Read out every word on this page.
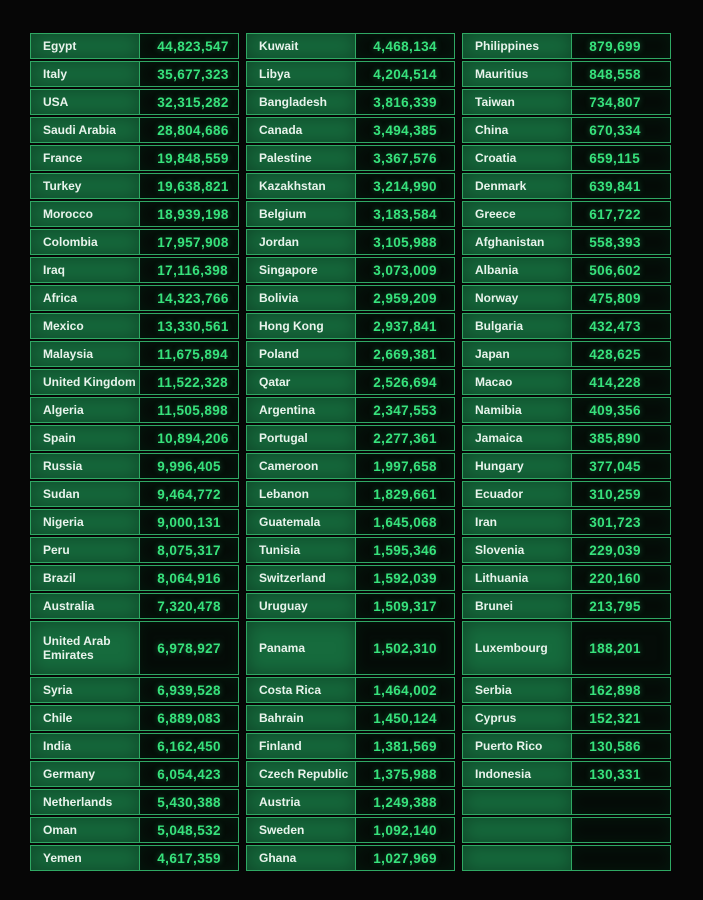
Egypt	44,823,547
Italy	35,677,323
USA	32,315,282
Saudi Arabia	28,804,686
France	19,848,559
Turkey	19,638,821
Morocco	18,939,198
Colombia	17,957,908
Iraq	17,116,398
Africa	14,323,766
Mexico	13,330,561
Malaysia	11,675,894
United Kingdom	11,522,328
Algeria	11,505,898
Spain	10,894,206
Russia	9,996,405
Sudan	9,464,772
Nigeria	9,000,131
Peru	8,075,317
Brazil	8,064,916
Australia	7,320,478
United Arab Emirates	6,978,927
Syria	6,939,528
Chile	6,889,083
India	6,162,450
Germany	6,054,423
Netherlands	5,430,388
Oman	5,048,532
Yemen	4,617,359
Kuwait	4,468,134
Libya	4,204,514
Bangladesh	3,816,339
Canada	3,494,385
Palestine	3,367,576
Kazakhstan	3,214,990
Belgium	3,183,584
Jordan	3,105,988
Singapore	3,073,009
Bolivia	2,959,209
Hong Kong	2,937,841
Poland	2,669,381
Qatar	2,526,694
Argentina	2,347,553
Portugal	2,277,361
Cameroon	1,997,658
Lebanon	1,829,661
Guatemala	1,645,068
Tunisia	1,595,346
Switzerland	1,592,039
Uruguay	1,509,317
Panama	1,502,310
Costa Rica	1,464,002
Bahrain	1,450,124
Finland	1,381,569
Czech Republic	1,375,988
Austria	1,249,388
Sweden	1,092,140
Ghana	1,027,969
Philippines	879,699
Mauritius	848,558
Taiwan	734,807
China	670,334
Croatia	659,115
Denmark	639,841
Greece	617,722
Afghanistan	558,393
Albania	506,602
Norway	475,809
Bulgaria	432,473
Japan	428,625
Macao	414,228
Namibia	409,356
Jamaica	385,890
Hungary	377,045
Ecuador	310,259
Iran	301,723
Slovenia	229,039
Lithuania	220,160
Brunei	213,795
Luxembourg	188,201
Serbia	162,898
Cyprus	152,321
Puerto Rico	130,586
Indonesia	130,331
